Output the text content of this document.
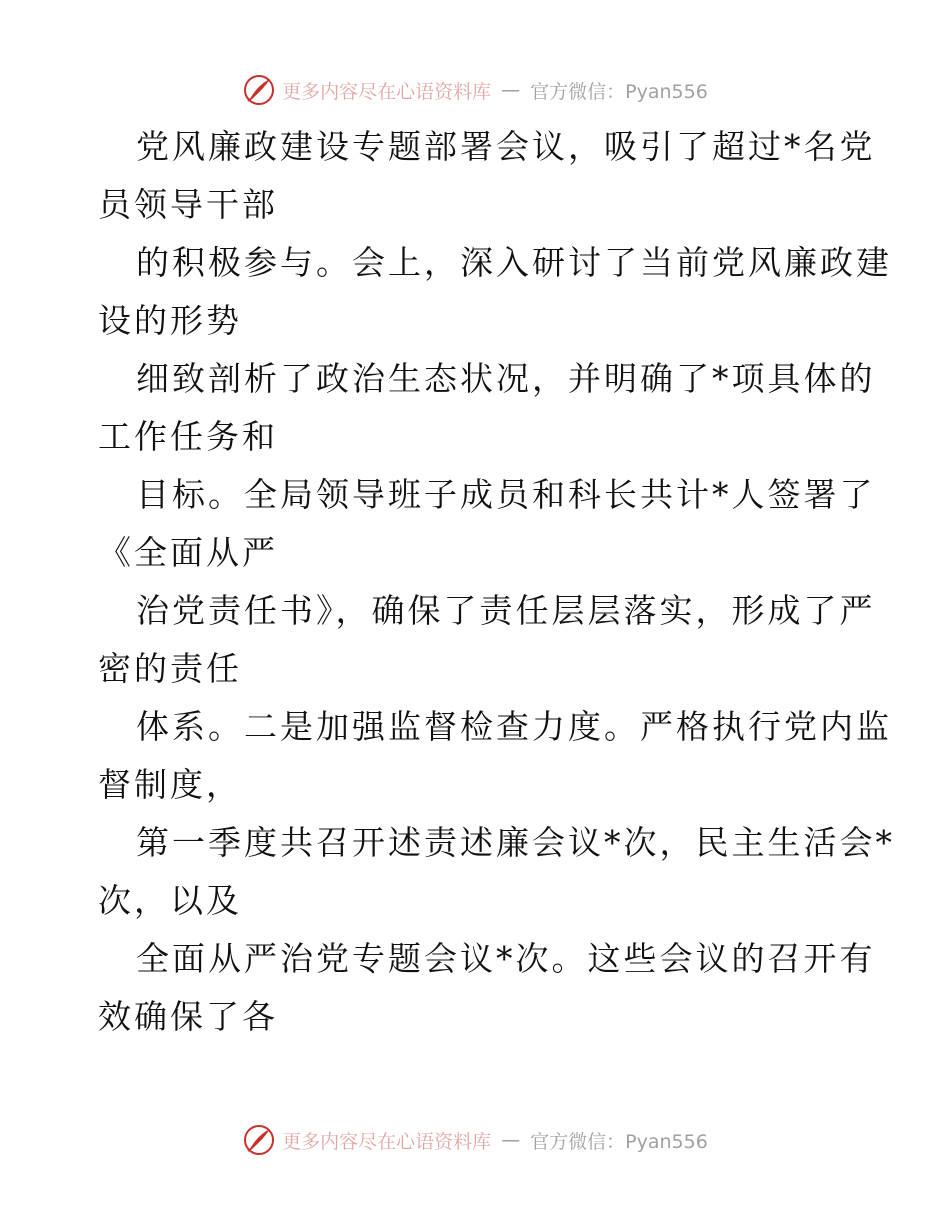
更多内容尽在心语资料库 — 官方微信：Pyan556
党风廉政建设专题部署会议，吸引了超过*名党
员领导干部
的积极参与。会上，深入研讨了当前党风廉政建
设的形势
细致剖析了政治生态状况，并明确了*项具体的
工作任务和
目标。全局领导班子成员和科长共计*人签署了
《全面从严
治党责任书》，确保了责任层层落实，形成了严
密的责任
体系。二是加强监督检查力度。严格执行党内监
督制度，
第一季度共召开述责述廉会议*次，民主生活会*
次，以及
全面从严治党专题会议*次。这些会议的召开有
效确保了各
更多内容尽在心语资料库 — 官方微信：Pyan556
